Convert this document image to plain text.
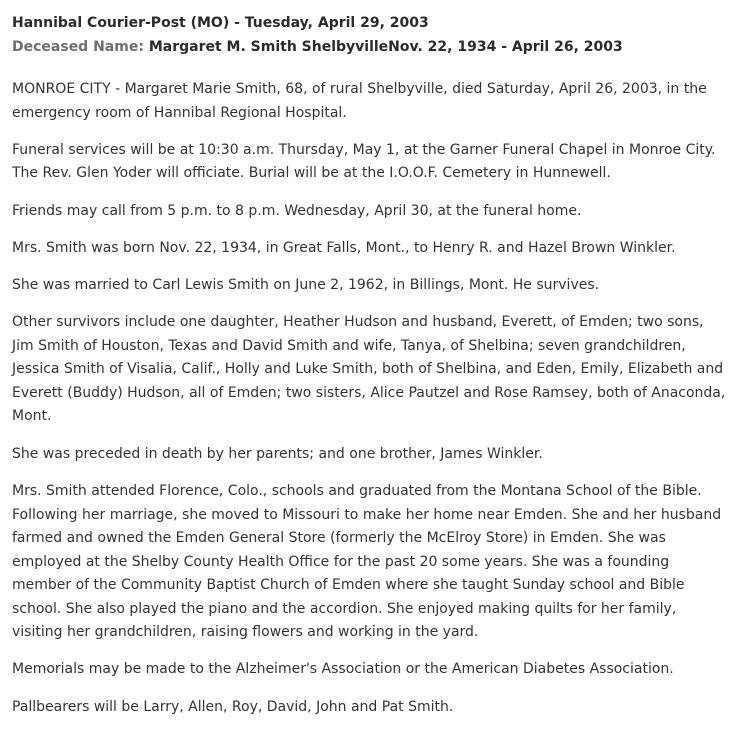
Hannibal Courier-Post (MO) - Tuesday, April 29, 2003
Deceased Name: Margaret M. Smith ShelbyvilleNov. 22, 1934 - April 26, 2003

MONROE CITY - Margaret Marie Smith, 68, of rural Shelbyville, died Saturday, April 26, 2003, in the emergency room of Hannibal Regional Hospital.

Funeral services will be at 10:30 a.m. Thursday, May 1, at the Garner Funeral Chapel in Monroe City. The Rev. Glen Yoder will officiate. Burial will be at the I.O.O.F. Cemetery in Hunnewell.

Friends may call from 5 p.m. to 8 p.m. Wednesday, April 30, at the funeral home.

Mrs. Smith was born Nov. 22, 1934, in Great Falls, Mont., to Henry R. and Hazel Brown Winkler.

She was married to Carl Lewis Smith on June 2, 1962, in Billings, Mont. He survives.

Other survivors include one daughter, Heather Hudson and husband, Everett, of Emden; two sons, Jim Smith of Houston, Texas and David Smith and wife, Tanya, of Shelbina; seven grandchildren, Jessica Smith of Visalia, Calif., Holly and Luke Smith, both of Shelbina, and Eden, Emily, Elizabeth and Everett (Buddy) Hudson, all of Emden; two sisters, Alice Pautzel and Rose Ramsey, both of Anaconda, Mont.

She was preceded in death by her parents; and one brother, James Winkler.

Mrs. Smith attended Florence, Colo., schools and graduated from the Montana School of the Bible. Following her marriage, she moved to Missouri to make her home near Emden. She and her husband farmed and owned the Emden General Store (formerly the McElroy Store) in Emden. She was employed at the Shelby County Health Office for the past 20 some years. She was a founding member of the Community Baptist Church of Emden where she taught Sunday school and Bible school. She also played the piano and the accordion. She enjoyed making quilts for her family, visiting her grandchildren, raising flowers and working in the yard.

Memorials may be made to the Alzheimer's Association or the American Diabetes Association.

Pallbearers will be Larry, Allen, Roy, David, John and Pat Smith.
